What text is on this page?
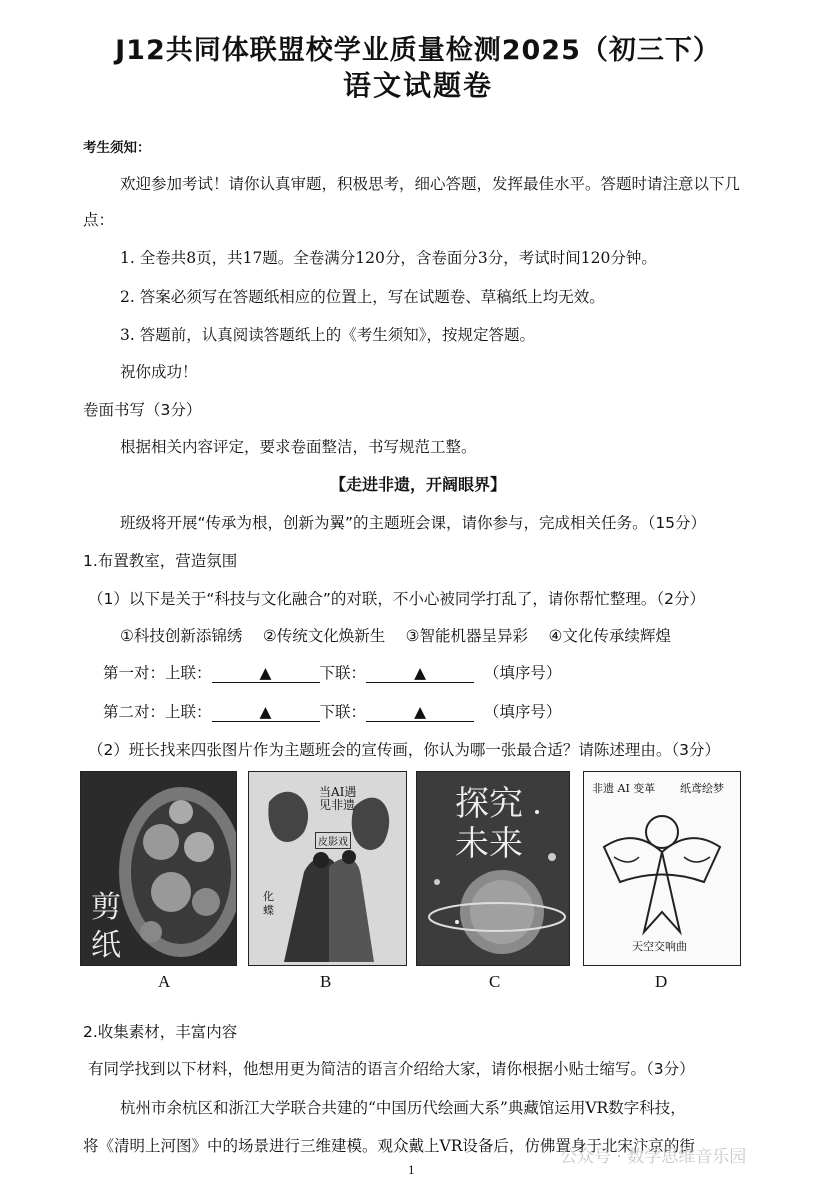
J12共同体联盟校学业质量检测2025（初三下）
语文试题卷
考生须知：
欢迎参加考试！请你认真审题，积极思考，细心答题，发挥最佳水平。答题时请注意以下几
点：
1. 全卷共8页，共17题。全卷满分120分，含卷面分3分，考试时间120分钟。
2. 答案必须写在答题纸相应的位置上，写在试题卷、草稿纸上均无效。
3. 答题前，认真阅读答题纸上的《考生须知》，按规定答题。
祝你成功！
卷面书写（3分）
根据相关内容评定，要求卷面整洁，书写规范工整。
【走进非遗，开阔眼界】
班级将开展“传承为根，创新为翼”的主题班会课，请你参与，完成相关任务。（15分）
1.布置教室，营造氛围
（1）以下是关于“科技与文化融合”的对联，不小心被同学打乱了，请你帮忙整理。（2分）
①科技创新添锦绣　 ②传统文化焕新生　 ③智能机器呈异彩　 ④文化传承续辉煌
第一对：上联：	▲	下联：	▲	（填序号）
第二对：上联：	▲	下联：	▲	（填序号）
（2）班长找来四张图片作为主题班会的宣传画，你认为哪一张最合适？请陈述理由。（3分）
剪
纸
当AI遇见非遗
皮影戏
化蝶
探究
未来
非遗 AI 变革 纸鸢绘梦
天空交响曲
A	B	C	D
2.收集素材，丰富内容
有同学找到以下材料，他想用更为简洁的语言介绍给大家，请你根据小贴士缩写。（3分）
杭州市余杭区和浙江大学联合共建的“中国历代绘画大系”典藏馆运用VR数字科技，
将《清明上河图》中的场景进行三维建模。观众戴上VR设备后，仿佛置身于北宋汴京的街
1
公众号 · 数学思维音乐园
